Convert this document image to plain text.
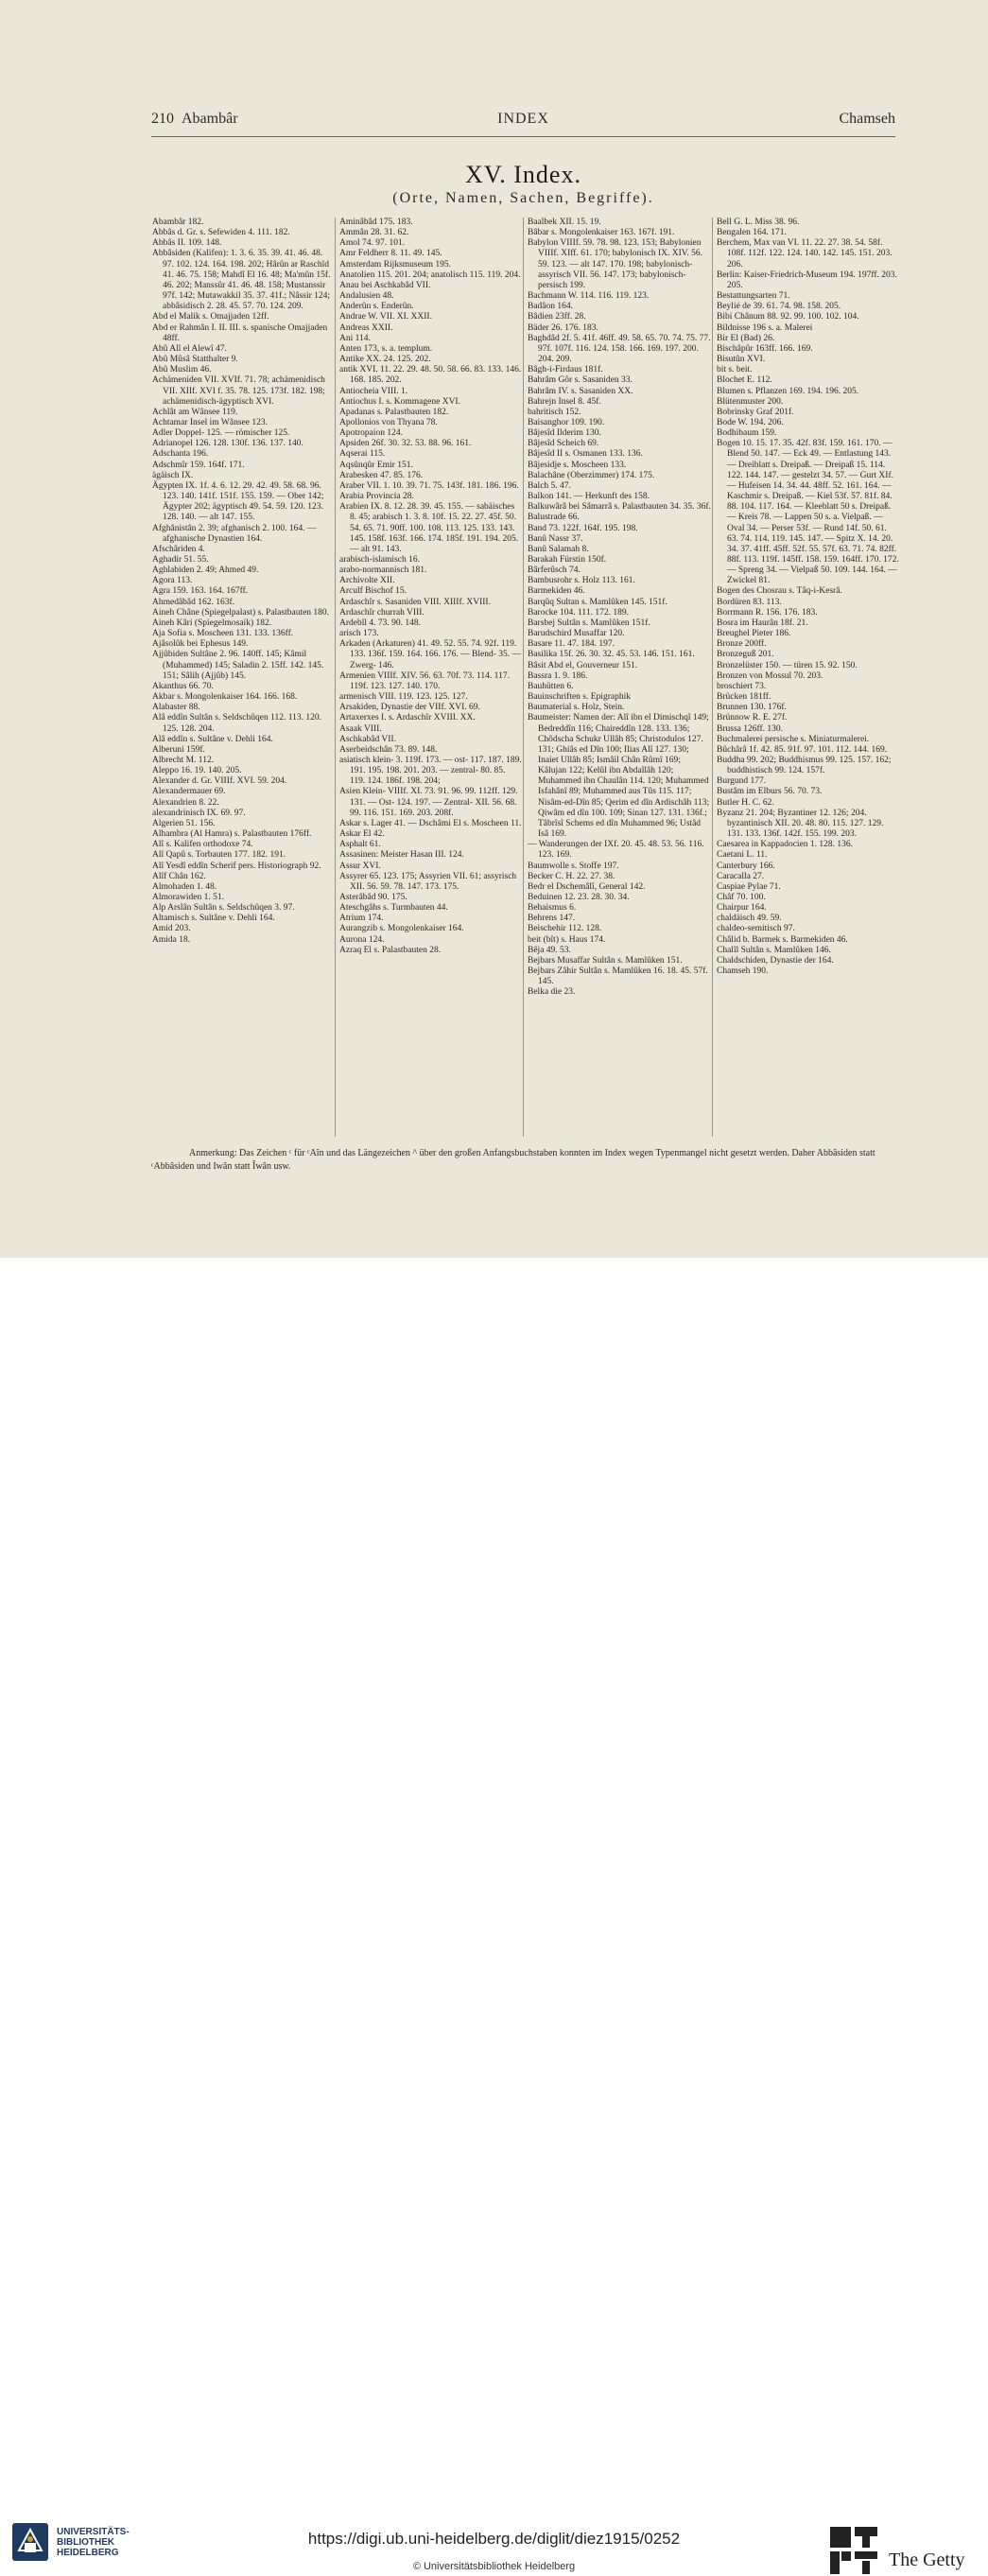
210 Abambâr	INDEX	Chamseh
XV. Index.
(Orte, Namen, Sachen, Begriffe).

Abambâr 182.

Abbâs d. Gr. s. Sefewiden 4. 111. 182.

Abbâs II. 109. 148.

Abbâsiden (Kalifen): 1. 3. 6. 35. 39. 41. 46. 48. 97. 102. 124. 164. 198. 202; Hârûn ar Raschîd 41. 46. 75. 158; Mahdî El 16. 48; Ma'mûn 15f. 46. 202; Manssûr 41. 46. 48. 158; Mustanssir 97f. 142; Mutawakkil 35. 37. 41f.; Nâssir 124; abbâsidisch 2. 28. 45. 57. 70. 124. 209.

Abd el Malik s. Omajjaden 12ff.

Abd er Rahmân I. II. III. s. spanische Omajjaden 48ff.

Abû Alî el Alewî 47.

Abû Mûsâ Statthalter 9.

Abû Muslim 46.

Achämeniden VII. XVIf. 71. 78; achämenidisch VII. XIIf. XVI f. 35. 78. 125. 173f. 182. 198; achämenidisch-ägyptisch XVI.

Achlât am Wânsee 119.

Achtamar Insel im Wânsee 123.

Adler Doppel- 125. — römischer 125.

Adrianopel 126. 128. 130f. 136. 137. 140.

Adschanta 196.

Adschmîr 159. 164f. 171.

ägäisch IX.

Ägypten IX. 1f. 4. 6. 12. 29. 42. 49. 58. 68. 96. 123. 140. 141f. 151f. 155. 159. — Ober 142; Ägypter 202; ägyptisch 49. 54. 59. 120. 123. 128. 140. — alt 147. 155.

Afghânistân 2. 39; afghanisch 2. 100. 164. — afghanische Dynastien 164.

Afschâriden 4.

Aghadir 51. 55.

Aghlabiden 2. 49; Ahmed 49.

Agora 113.

Agra 159. 163. 164. 167ff.

Ahmedâbâd 162. 163f.

Aineh Châne (Spiegelpalast) s. Palastbauten 180.

Aineh Kâri (Spiegelmosaik) 182.

Aja Sofia s. Moscheen 131. 133. 136ff.

Ajâsolûk bei Ephesus 149.

Ajjûbiden Sultâne 2. 96. 140ff. 145; Kâmil (Muhammed) 145; Saladin 2. 15ff. 142. 145. 151; Sâlih (Ajjûb) 145.

Akanthus 66. 70.

Akbar s. Mongolenkaiser 164. 166. 168.

Alabaster 88.

Alâ eddîn Sultân s. Seldschûqen 112. 113. 120. 125. 128. 204.

Alâ eddîn s. Sultâne v. Dehli 164.

Alberuni 159f.

Albrecht M. 112.

Aleppo 16. 19. 140. 205.

Alexander d. Gr. VIIIf. XVI. 59. 204.

Alexandermauer 69.

Alexandrien 8. 22.

alexandrinisch IX. 69. 97.

Algerien 51. 156.

Alhambra (Al Hamra) s. Palastbauten 176ff.

Alî s. Kalifen orthodoxe 74.

Alî Qapû s. Torbauten 177. 182. 191.

Alî Yesdî eddîn Scherif pers. Historiograph 92.

Alîf Chân 162.

Almohaden 1. 48.

Almorawiden 1. 51.

Alp Arslân Sultân s. Seldschûqen 3. 97.

Altamisch s. Sultâne v. Dehli 164.

Amid 203.

Amida 18.

Aminâbâd 175. 183.

Ammân 28. 31. 62.

Amol 74. 97. 101.

Amr Feldherr 8. 11. 49. 145.

Amsterdam Rijksmuseum 195.

Anatolien 115. 201. 204; anatolisch 115. 119. 204.

Anau bei Aschkabâd VII.

Andalusien 48.

Anderûn s. Enderûn.

Andrae W. VII. XI. XXII.

Andreas XXII.

Ani 114.

Anten 173, s. a. templum.

Antike XX. 24. 125. 202.

antik XVI. 11. 22. 29. 48. 50. 58. 66. 83. 133. 146. 168. 185. 202.

Antiocheia VIII. 1.

Antiochus I. s. Kommagene XVI.

Apadanas s. Palastbauten 182.

Apollonios von Thyana 78.

Apotropaion 124.

Apsiden 26f. 30. 32. 53. 88. 96. 161.

Aqserai 115.

Aqsûnqûr Emir 151.

Arabesken 47. 85. 176.

Araber VII. 1. 10. 39. 71. 75. 143f. 181. 186. 196.

Arabia Provincia 28.

Arabien IX. 8. 12. 28. 39. 45. 155. — sabäisches 8. 45; arabisch 1. 3. 8. 10f. 15. 22. 27. 45f. 50. 54. 65. 71. 90ff. 100. 108. 113. 125. 133. 143. 145. 158f. 163f. 166. 174. 185f. 191. 194. 205. — alt 91. 143.

arabisch-islamisch 16.

arabo-normannisch 181.

Archivolte XII.

Arculf Bischof 15.

Ardaschîr s. Sasaniden VIII. XIIIf. XVIII.

Ardaschîr churrah VIII.

Ardebîl 4. 73. 90. 148.

arisch 173.

Arkaden (Arkaturen) 41. 49. 52. 55. 74. 92f. 119. 133. 136f. 159. 164. 166. 176. — Blend- 35. — Zwerg- 146.

Armenien VIIIf. XIV. 56. 63. 70f. 73. 114. 117. 119f. 123. 127. 140. 170.

armenisch VIII. 119. 123. 125. 127.

Arsakiden, Dynastie der VIIf. XVI. 69.

Artaxerxes I. s. Ardaschîr XVIII. XX.

Asaak VIII.

Aschkabâd VII.

Aserbeidschân 73. 89. 148.

asiatisch klein- 3. 119f. 173. — ost- 117. 187. 189. 191. 195. 198. 201. 203. — zentral- 80. 85. 119. 124. 186f. 198. 204;

Asien Klein- VIIIf. XI. 73. 91. 96. 99. 112ff. 129. 131. — Ost- 124. 197. — Zentral- XII. 56. 68. 99. 116. 151. 169. 203. 208f.

Askar s. Lager 41. — Dschâmi El s. Moscheen 11.

Askar El 42.

Asphalt 61.

Assasinen: Meister Hasan III. 124.

Assur XVI.

Assyrer 65. 123. 175; Assyrien VII. 61; assyrisch XII. 56. 59. 78. 147. 173. 175.

Asterâbâd 90. 175.

Ateschgâhs s. Turmbauten 44.

Atrium 174.

Aurangzib s. Mongolenkaiser 164.

Aurona 124.

Azraq El s. Palastbauten 28.

Baalbek XII. 15. 19.

Bâbar s. Mongolenkaiser 163. 167f. 191.

Babylon VIIIf. 59. 78. 98. 123. 153; Babylonien VIIIf. XIff. 61. 170; babylonisch IX. XIV. 56. 59. 123. — alt 147. 170. 198; babylonisch-assyrisch VII. 56. 147. 173; babylonisch-persisch 199.

Bachmann W. 114. 116. 119. 123.

Badâon 164.

Bâdien 23ff. 28.

Bäder 26. 176. 183.

Baghdâd 2f. 5. 41f. 46ff. 49. 58. 65. 70. 74. 75. 77. 97f. 107f. 116. 124. 158. 166. 169. 197. 200. 204. 209.

Bâgh-i-Firdaus 181f.

Bahrâm Gôr s. Sasaniden 33.

Bahrâm IV. s. Sasaniden XX.

Bahrejn Insel 8. 45f.

bahritisch 152.

Baisanghor 109. 190.

Bâjesîd Ilderim 130.

Bâjesîd Scheich 69.

Bâjesîd II s. Osmanen 133. 136.

Bâjesidje s. Moscheen 133.

Balachâne (Oberzimmer) 174. 175.

Balch 5. 47.

Balkon 141. — Herkunft des 158.

Balkuwârâ bei Sâmarrâ s. Palastbauten 34. 35. 36f.

Balustrade 66.

Band 73. 122f. 164f. 195. 198.

Banû Nassr 37.

Banû Salamah 8.

Barakah Fürstin 150f.

Bârferûsch 74.

Bambusrohr s. Holz 113. 161.

Barmekiden 46.

Barqûq Sultan s. Mamlûken 145. 151f.

Barocke 104. 111. 172. 189.

Barsbej Sultân s. Mamlûken 151f.

Barudschird Musaffar 120.

Basare 11. 47. 184. 197.

Basilika 15f. 26. 30. 32. 45. 53. 146. 151. 161.

Bâsit Abd el, Gouverneur 151.

Bassra 1. 9. 186.

Bauhütten 6.

Bauinschriften s. Epigraphik

Baumaterial s. Holz, Stein.

Baumeister: Namen der: Alî ibn el Dimischqî 149; Bedreddîn 116; Chaireddîn 128. 133. 136; Chôdscha Schukr Ullâh 85; Christodulos 127. 131; Ghiâs ed Dîn 100; Ilias Alî 127. 130; Inaiet Ullâh 85; Ismâil Chân Rûmî 169; Kâlujan 122; Kelûl ibn Abdallâh 120; Muhammed ibn Chaulân 114. 120; Muhammed Isfahânî 89; Muhammed aus Tûs 115. 117; Nisâm-ed-Dîn 85; Qerim ed dîn Ardischâh 113; Qiwâm ed dîn 100. 109; Sinan 127. 131. 136f.; Tâbrîsî Schems ed dîn Muhammed 96; Ustâd Isâ 169.

— Wanderungen der IXf. 20. 45. 48. 53. 56. 116. 123. 169.

Baumwolle s. Stoffe 197.

Becker C. H. 22. 27. 38.

Bedr el Dschemâlî, General 142.

Beduinen 12. 23. 28. 30. 34.

Behaismus 6.

Behrens 147.

Beischehir 112. 128.

beit (bît) s. Haus 174.

Bêja 49. 53.

Bejbars Musaffar Sultân s. Mamlûken 151.

Bejbars Zâhir Sultân s. Mamlûken 16. 18. 45. 57f. 145.

Belka die 23.

Bell G. L. Miss 38. 96.

Bengalen 164. 171.

Berchem, Max van VI. 11. 22. 27. 38. 54. 58f. 108f. 112f. 122. 124. 140. 142. 145. 151. 203. 206.

Berlin: Kaiser-Friedrich-Museum 194. 197ff. 203. 205.

Bestattungsarten 71.

Beylié de 39. 61. 74. 98. 158. 205.

Bibi Chânum 88. 92. 99. 100. 102. 104.

Bildnisse 196 s. a. Malerei

Bir El (Bad) 26.

Bischâpûr 163ff. 166. 169.

Bisutûn XVI.

bit s. beit.

Blochet E. 112.

Blumen s. Pflanzen 169. 194. 196. 205.

Blütenmuster 200.

Bobrinsky Graf 201f.

Bode W. 194. 206.

Bodhibaum 159.

Bogen 10. 15. 17. 35. 42f. 83f. 159. 161. 170. — Blend 50. 147. — Eck 49. — Entlastung 143. — Dreiblatt s. Dreipaß. — Dreipaß 15. 114. 122. 144. 147. — gestelzt 34. 57. — Gurt XIf. — Hufeisen 14. 34. 44. 48ff. 52. 161. 164. — Kaschmir s. Dreipaß. — Kiel 53f. 57. 81f. 84. 88. 104. 117. 164. — Kleeblatt 50 s. Dreipaß. — Kreis 78. — Lappen 50 s. a. Vielpaß. — Oval 34. — Perser 53f. — Rund 14f. 50. 61. 63. 74. 114. 119. 145. 147. — Spitz X. 14. 20. 34. 37. 41ff. 45ff. 52f. 55. 57f. 63. 71. 74. 82ff. 88f. 113. 119f. 145ff. 158. 159. 164ff. 170. 172. — Spreng 34. — Vielpaß 50. 109. 144. 164. — Zwickel 81.

Bogen des Chosrau s. Tâq-i-Kesrâ.

Bordüren 83. 113.

Borrmann R. 156. 176. 183.

Bosra im Haurân 18f. 21.

Breughel Pieter 186.

Bronze 200ff.

Bronzeguß 201.

Bronzelüster 150. — türen 15. 92. 150.

Bronzen von Mossul 70. 203.

broschiert 73.

Brücken 181ff.

Brunnen 130. 176f.

Brünnow R. E. 27f.

Brussa 126ff. 130.

Buchmalerei persische s. Miniaturmalerei.

Bûchârâ 1f. 42. 85. 91f. 97. 101. 112. 144. 169.

Buddha 99. 202; Buddhismus 99. 125. 157. 162; buddhistisch 99. 124. 157f.

Burgund 177.

Bustâm im Elburs 56. 70. 73.

Butler H. C. 62.

Byzanz 21. 204; Byzantiner 12. 126; 204. byzantinisch XII. 20. 48. 80. 115. 127. 129. 131. 133. 136f. 142f. 155. 199. 203.

Caesarea in Kappadocien 1. 128. 136.

Caetani L. 11.

Canterbury 166.

Caracalla 27.

Caspiae Pylae 71.

Châf 70. 100.

Chairpur 164.

chaldäisch 49. 59.

chaldeo-semitisch 97.

Châlid b. Barmek s. Barmekiden 46.

Chalîl Sultân s. Mamlûken 146.

Chaldschiden, Dynastie der 164.

Chamseh 190.

Anmerkung: Das Zeichen ᶜ für ᶜAîn und das Längezeichen ^ über den großen Anfangsbuchstaben konnten im Index wegen Typenmangel nicht gesetzt werden. Daher Abbâsiden statt ᶜAbbâsiden und Iwân statt Îwân usw.
UNIVERSITÄTS-
BIBLIOTHEK
HEIDELBERG
https://digi.ub.uni-heidelberg.de/diglit/diez1915/0252
© Universitätsbibliothek Heidelberg	The Getty
